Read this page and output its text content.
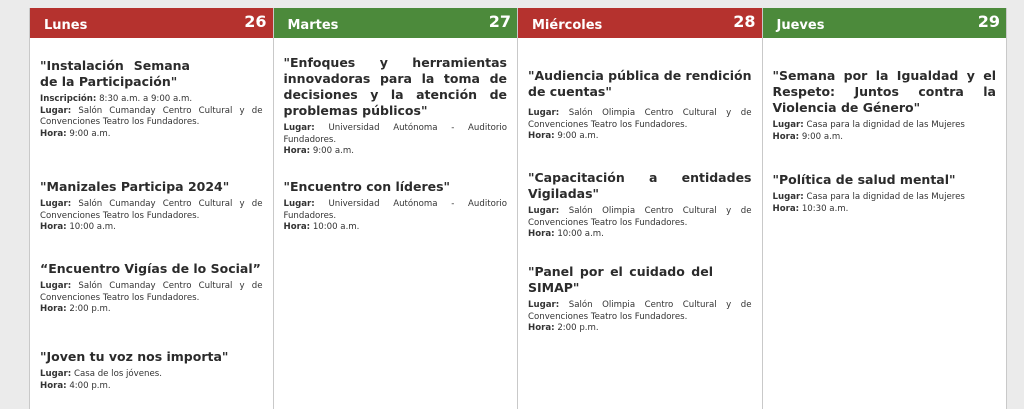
Lunes	26
"Instalación Semana de la Participación"
Inscripción: 8:30 a.m. a 9:00 a.m.
Lugar: Salón Cumanday Centro Cultural y de Convenciones Teatro los Fundadores.
Hora: 9:00 a.m.
"Manizales Participa 2024"
Lugar: Salón Cumanday Centro Cultural y de Convenciones Teatro los Fundadores.
Hora: 10:00 a.m.
“Encuentro Vigías de lo Social”
Lugar: Salón Cumanday Centro Cultural y de Convenciones Teatro los Fundadores.
Hora: 2:00 p.m.
"Joven tu voz nos importa"
Lugar: Casa de los jóvenes.
Hora: 4:00 p.m.
Martes	27
"Enfoques y herramientas innovadoras para la toma de decisiones y la atención de problemas públicos"
Lugar: Universidad Autónoma - Auditorio Fundadores.
Hora: 9:00 a.m.
"Encuentro con líderes"
Lugar: Universidad Autónoma - Auditorio Fundadores.
Hora: 10:00 a.m.
Miércoles	28
"Audiencia pública de rendición de cuentas"
Lugar: Salón Olimpia Centro Cultural y de Convenciones Teatro los Fundadores.
Hora: 9:00 a.m.
"Capacitación a entidades Vigiladas"
Lugar: Salón Olimpia Centro Cultural y de Convenciones Teatro los Fundadores.
Hora: 10:00 a.m.
"Panel por el cuidado del SIMAP"
Lugar: Salón Olimpia Centro Cultural y de Convenciones Teatro los Fundadores.
Hora: 2:00 p.m.
Jueves	29
"Semana por la Igualdad y el Respeto: Juntos contra la Violencia de Género"
Lugar: Casa para la dignidad de las Mujeres
Hora: 9:00 a.m.
"Política de salud mental"
Lugar: Casa para la dignidad de las Mujeres
Hora: 10:30 a.m.
